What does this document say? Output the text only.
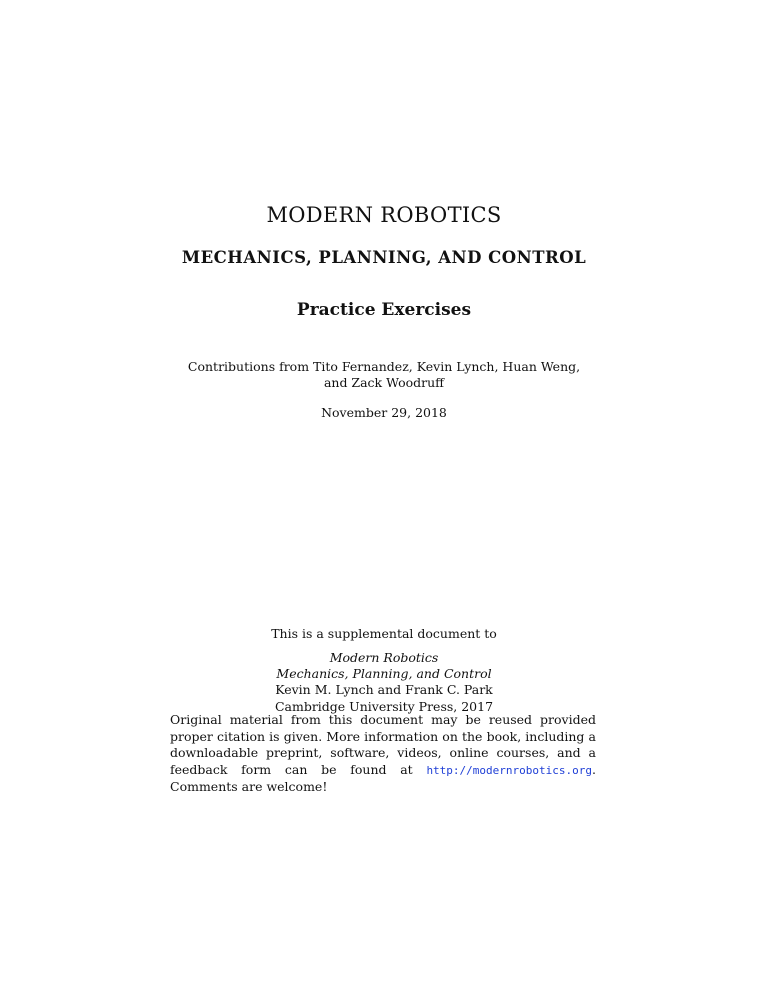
MODERN ROBOTICS
MECHANICS, PLANNING, AND CONTROL
Practice Exercises
Contributions from Tito Fernandez, Kevin Lynch, Huan Weng, and Zack Woodruff
November 29, 2018
This is a supplemental document to
Modern Robotics
Mechanics, Planning, and Control
Kevin M. Lynch and Frank C. Park
Cambridge University Press, 2017
Original material from this document may be reused provided proper citation is given. More information on the book, including a downloadable preprint, software, videos, online courses, and a feedback form can be found at http://modernrobotics.org. Comments are welcome!
